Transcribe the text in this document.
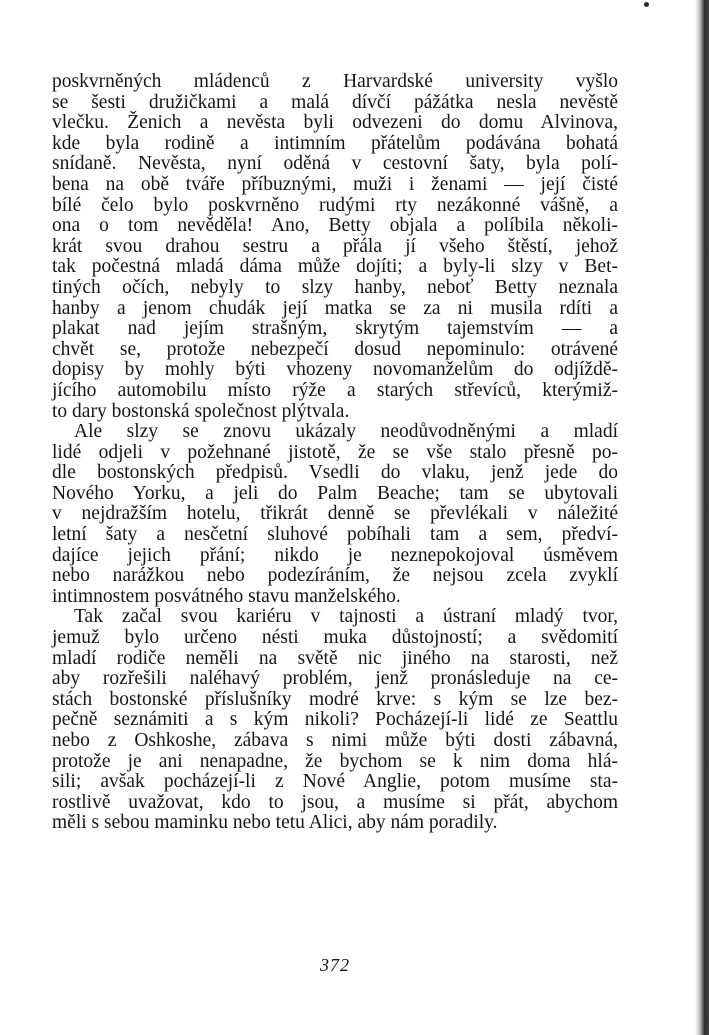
poskvrněných mládenců z Harvardské university vyšlo
se šesti družičkami a malá dívčí pážátka nesla nevěstě
vlečku. Ženich a nevěsta byli odvezeni do domu Alvinova,
kde byla rodině a intimním přátelům podávána bohatá
snídaně. Nevěsta, nyní oděná v cestovní šaty, byla polí-
bena na obě tváře příbuznými, muži i ženami — její čisté
bílé čelo bylo poskvrněno rudými rty nezákonné vášně, a
ona o tom nevěděla! Ano, Betty objala a políbila několi-
krát svou drahou sestru a přála jí všeho štěstí, jehož
tak počestná mladá dáma může dojíti; a byly-li slzy v Bet-
tiných očích, nebyly to slzy hanby, neboť Betty neznala
hanby a jenom chudák její matka se za ni musila rdíti a
plakat nad jejím strašným, skrytým tajemstvím — a
chvět se, protože nebezpečí dosud nepominulo: otrávené
dopisy by mohly býti vhozeny novomanželům do odjíždě-
jícího automobilu místo rýže a starých střevíců, kterýmiž-
to dary bostonská společnost plýtvala.
Ale slzy se znovu ukázaly neodůvodněnými a mladí
lidé odjeli v požehnané jistotě, že se vše stalo přesně po-
dle bostonských předpisů. Vsedli do vlaku, jenž jede do
Nového Yorku, a jeli do Palm Beache; tam se ubytovali
v nejdražším hotelu, třikrát denně se převlékali v náležité
letní šaty a nesčetní sluhové pobíhali tam a sem, předví-
dajíce jejich přání; nikdo je neznepokojoval úsměvem
nebo narážkou nebo podezíráním, že nejsou zcela zvyklí
intimnostem posvátného stavu manželského.
Tak začal svou kariéru v tajnosti a ústraní mladý tvor,
jemuž bylo určeno nésti muka důstojností; a svědomití
mladí rodiče neměli na světě nic jiného na starosti, než
aby rozřešili naléhavý problém, jenž pronásleduje na ce-
stách bostonské příslušníky modré krve: s kým se lze bez-
pečně seznámiti a s kým nikoli? Pocházejí-li lidé ze Seattlu
nebo z Oshkoshe, zábava s nimi může býti dosti zábavná,
protože je ani nenapadne, že bychom se k nim doma hlá-
sili; avšak pocházejí-li z Nové Anglie, potom musíme sta-
rostlivě uvažovat, kdo to jsou, a musíme si přát, abychom
měli s sebou maminku nebo tetu Alici, aby nám poradily.
372
